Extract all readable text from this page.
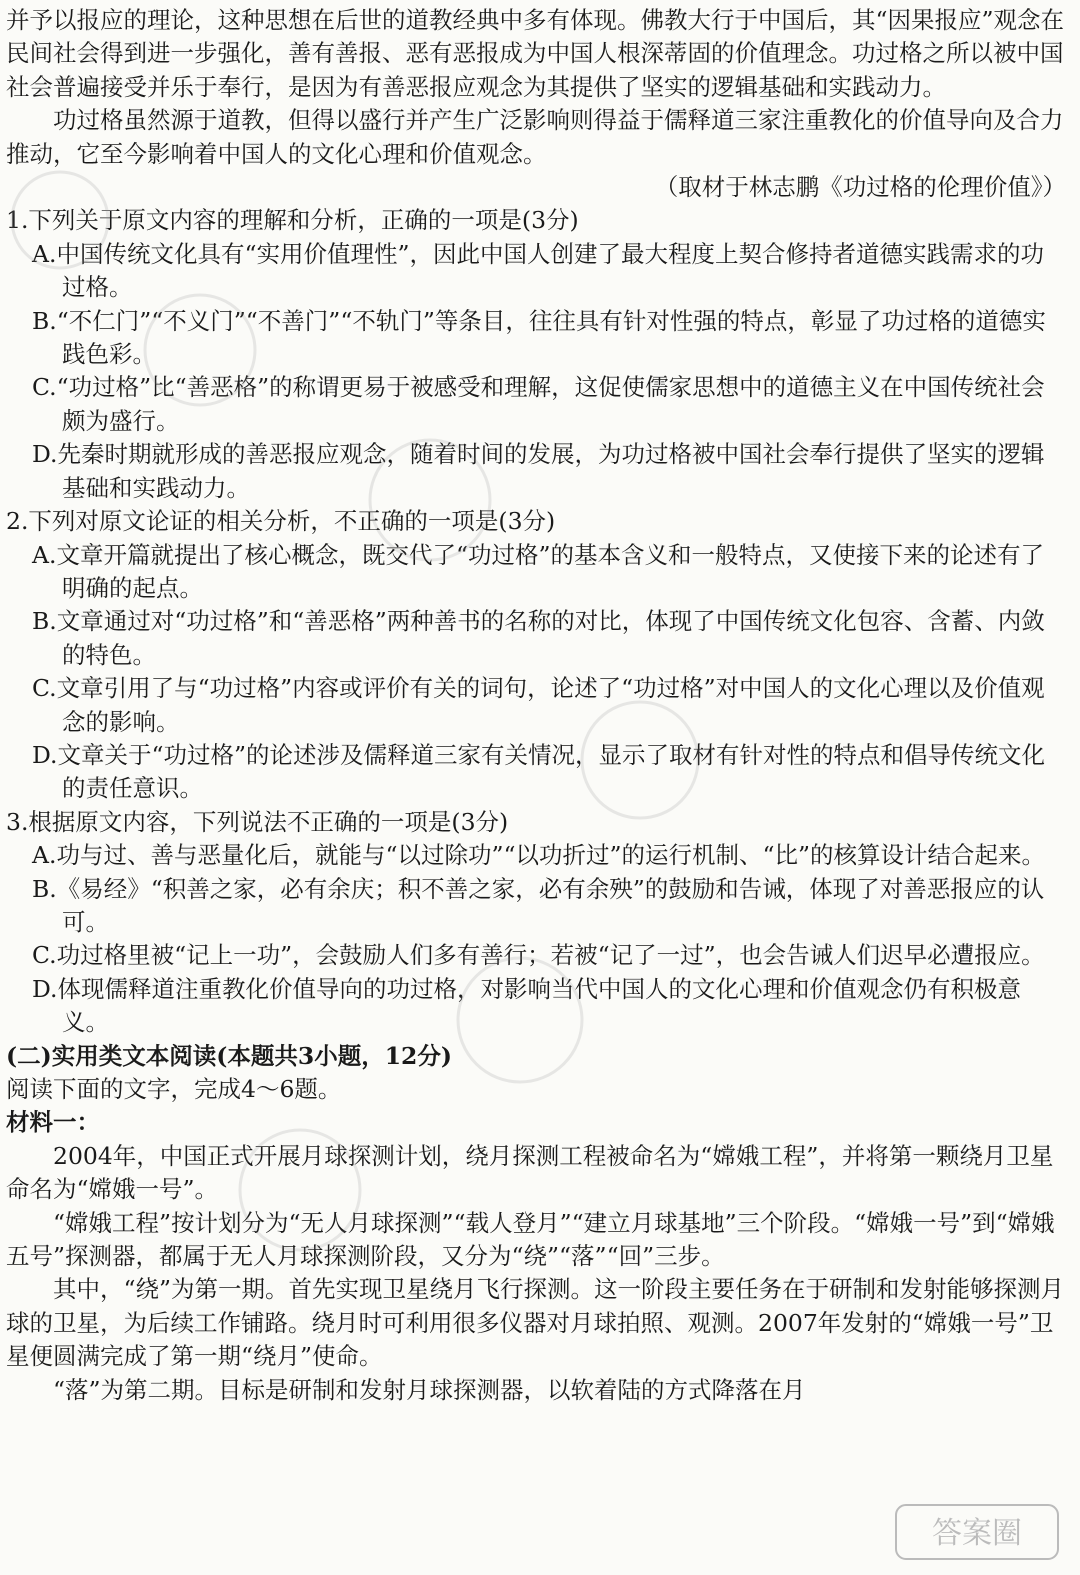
并予以报应的理论，这种思想在后世的道教经典中多有体现。佛教大行于中国后，其“因果报应”观念在民间社会得到进一步强化，善有善报、恶有恶报成为中国人根深蒂固的价值理念。功过格之所以被中国社会普遍接受并乐于奉行，是因为有善恶报应观念为其提供了坚实的逻辑基础和实践动力。

功过格虽然源于道教，但得以盛行并产生广泛影响则得益于儒释道三家注重教化的价值导向及合力推动，它至今影响着中国人的文化心理和价值观念。

（取材于林志鹏《功过格的伦理价值》）

1.下列关于原文内容的理解和分析，正确的一项是(3分)

A.中国传统文化具有“实用价值理性”，因此中国人创建了最大程度上契合修持者道德实践需求的功过格。

B.“不仁门”“不义门”“不善门”“不轨门”等条目，往往具有针对性强的特点，彰显了功过格的道德实践色彩。

C.“功过格”比“善恶格”的称谓更易于被感受和理解，这促使儒家思想中的道德主义在中国传统社会颇为盛行。

D.先秦时期就形成的善恶报应观念，随着时间的发展，为功过格被中国社会奉行提供了坚实的逻辑基础和实践动力。

2.下列对原文论证的相关分析，不正确的一项是(3分)

A.文章开篇就提出了核心概念，既交代了“功过格”的基本含义和一般特点，又使接下来的论述有了明确的起点。

B.文章通过对“功过格”和“善恶格”两种善书的名称的对比，体现了中国传统文化包容、含蓄、内敛的特色。

C.文章引用了与“功过格”内容或评价有关的词句，论述了“功过格”对中国人的文化心理以及价值观念的影响。

D.文章关于“功过格”的论述涉及儒释道三家有关情况，显示了取材有针对性的特点和倡导传统文化的责任意识。

3.根据原文内容，下列说法不正确的一项是(3分)

A.功与过、善与恶量化后，就能与“以过除功”“以功折过”的运行机制、“比”的核算设计结合起来。

B.《易经》“积善之家，必有余庆；积不善之家，必有余殃”的鼓励和告诫，体现了对善恶报应的认可。

C.功过格里被“记上一功”，会鼓励人们多有善行；若被“记了一过”，也会告诫人们迟早必遭报应。

D.体现儒释道注重教化价值导向的功过格，对影响当代中国人的文化心理和价值观念仍有积极意义。

(二)实用类文本阅读(本题共3小题，12分)

阅读下面的文字，完成4～6题。

材料一：

2004年，中国正式开展月球探测计划，绕月探测工程被命名为“嫦娥工程”，并将第一颗绕月卫星命名为“嫦娥一号”。

“嫦娥工程”按计划分为“无人月球探测”“载人登月”“建立月球基地”三个阶段。“嫦娥一号”到“嫦娥五号”探测器，都属于无人月球探测阶段，又分为“绕”“落”“回”三步。

其中，“绕”为第一期。首先实现卫星绕月飞行探测。这一阶段主要任务在于研制和发射能够探测月球的卫星，为后续工作铺路。绕月时可利用很多仪器对月球拍照、观测。2007年发射的“嫦娥一号”卫星便圆满完成了第一期“绕月”使命。

“落”为第二期。目标是研制和发射月球探测器，以软着陆的方式降落在月

答案圈
